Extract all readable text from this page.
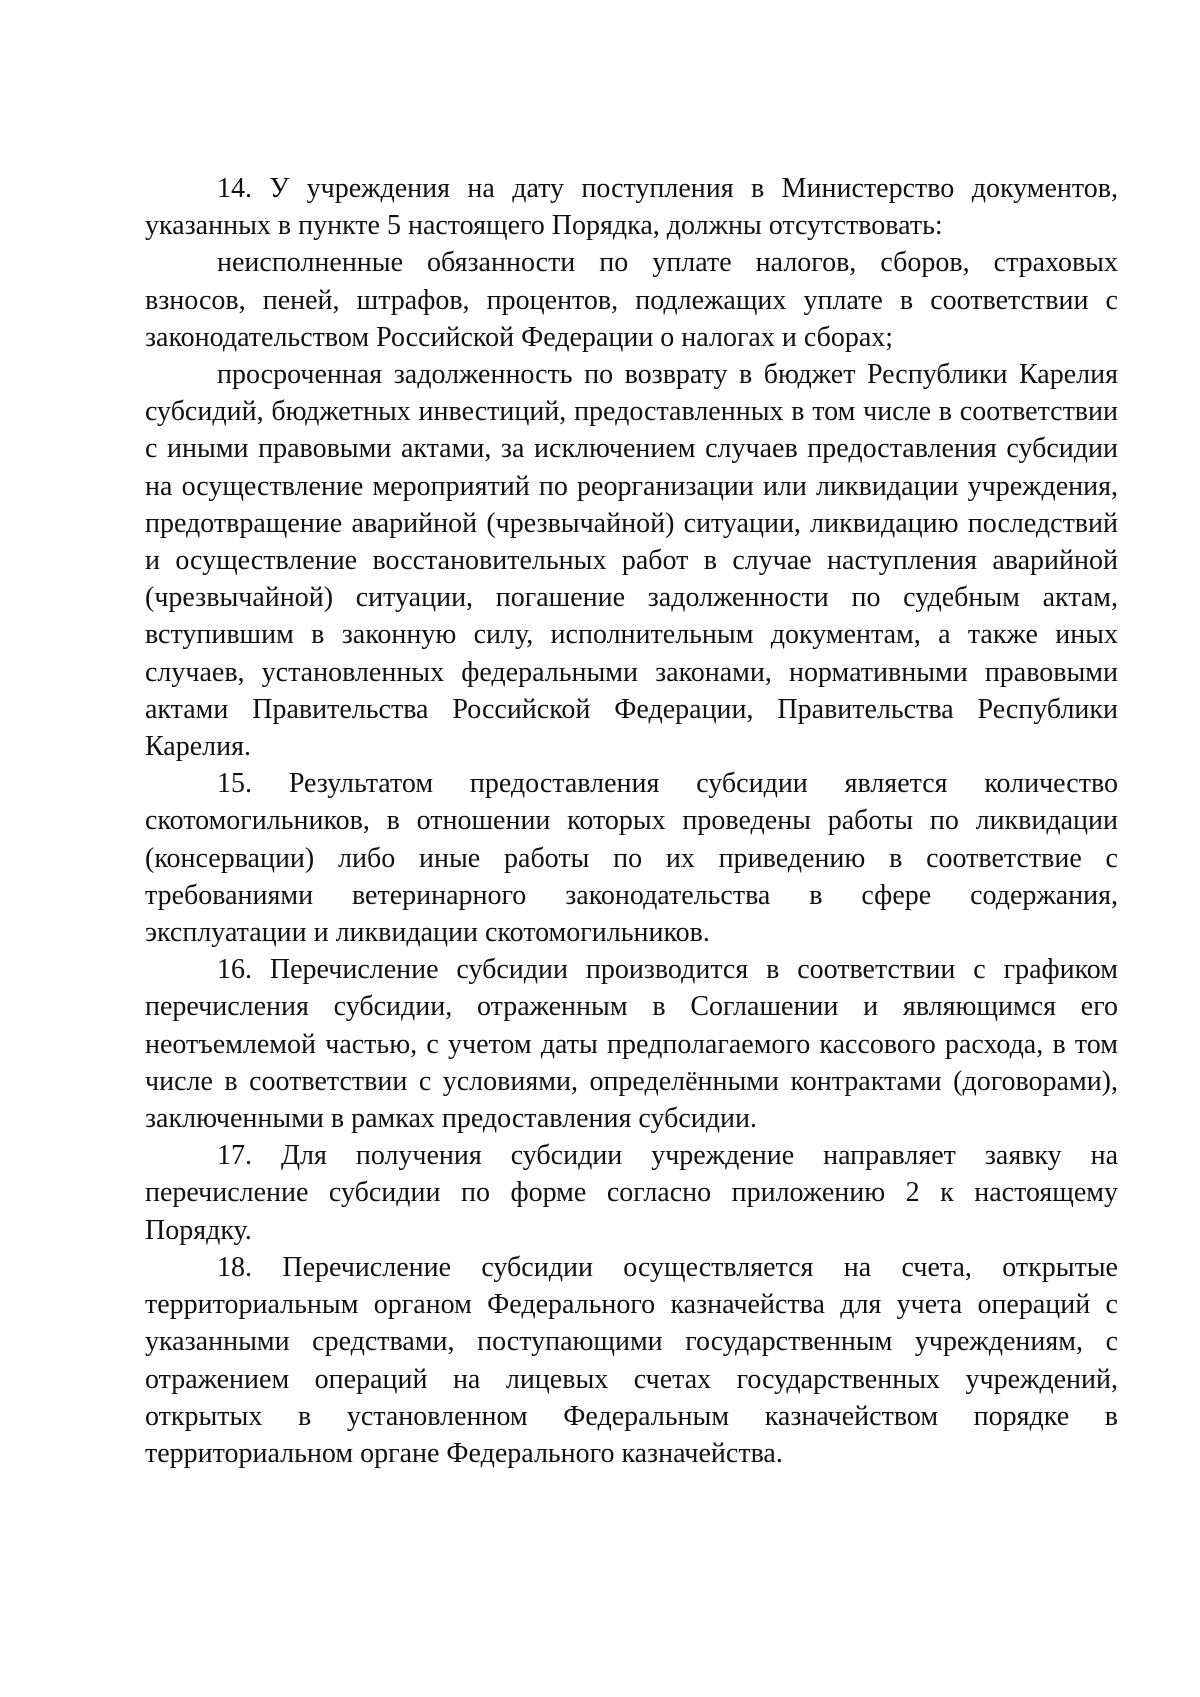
14. У учреждения на дату поступления в Министерство документов, указанных в пункте 5 настоящего Порядка, должны отсутствовать:

неисполненные обязанности по уплате налогов, сборов, страховых взносов, пеней, штрафов, процентов, подлежащих уплате в соответствии с законодательством Российской Федерации о налогах и сборах;

просроченная задолженность по возврату в бюджет Республики Карелия субсидий, бюджетных инвестиций, предоставленных в том числе в соответствии с иными правовыми актами, за исключением случаев предоставления субсидии на осуществление мероприятий по реорганизации или ликвидации учреждения, предотвращение аварийной (чрезвычайной) ситуации, ликвидацию последствий и осуществление восстановительных работ в случае наступления аварийной (чрезвычайной) ситуации, погашение задолженности по судебным актам, вступившим в законную силу, исполнительным документам, а также иных случаев, установленных федеральными законами, нормативными правовыми актами Правительства Российской Федерации, Правительства Республики Карелия.

15. Результатом предоставления субсидии является количество скотомогильников, в отношении которых проведены работы по ликвидации (консервации) либо иные работы по их приведению в соответствие с требованиями ветеринарного законодательства в сфере содержания, эксплуатации и ликвидации скотомогильников.

16. Перечисление субсидии производится в соответствии с графиком перечисления субсидии, отраженным в Соглашении и являющимся его неотъемлемой частью, с учетом даты предполагаемого кассового расхода, в том числе в соответствии с условиями, определёнными контрактами (договорами), заключенными в рамках предоставления субсидии.

17. Для получения субсидии учреждение направляет заявку на перечисление субсидии по форме согласно приложению 2 к настоящему Порядку.

18. Перечисление субсидии осуществляется на счета, открытые территориальным органом Федерального казначейства для учета операций с указанными средствами, поступающими государственным учреждениям, с отражением операций на лицевых счетах государственных учреждений, открытых в установленном Федеральным казначейством порядке в территориальном органе Федерального казначейства.
